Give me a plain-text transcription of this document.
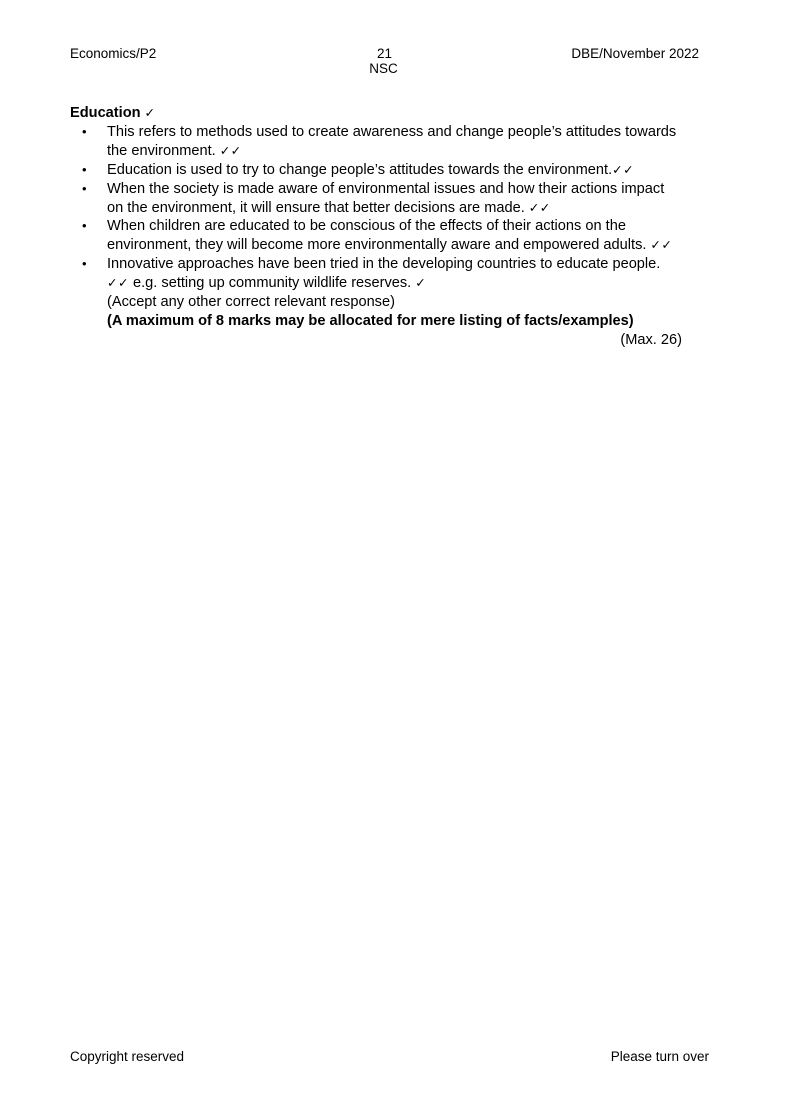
Economics/P2	21
NSC
DBE/November 2022

Education ✓

• This refers to methods used to create awareness and change people’s attitudes towards the environment. ✓✓
• Education is used to try to change people’s attitudes towards the environment.✓✓
• When the society is made aware of environmental issues and how their actions impact on the environment, it will ensure that better decisions are made. ✓✓
• When children are educated to be conscious of the effects of their actions on the environment, they will become more environmentally aware and empowered adults. ✓✓
• Innovative approaches have been tried in the developing countries to educate people. ✓✓ e.g. setting up community wildlife reserves. ✓

(Accept any other correct relevant response)

(A maximum of 8 marks may be allocated for mere listing of facts/examples)

(Max. 26)

Copyright reserved	Please turn over
